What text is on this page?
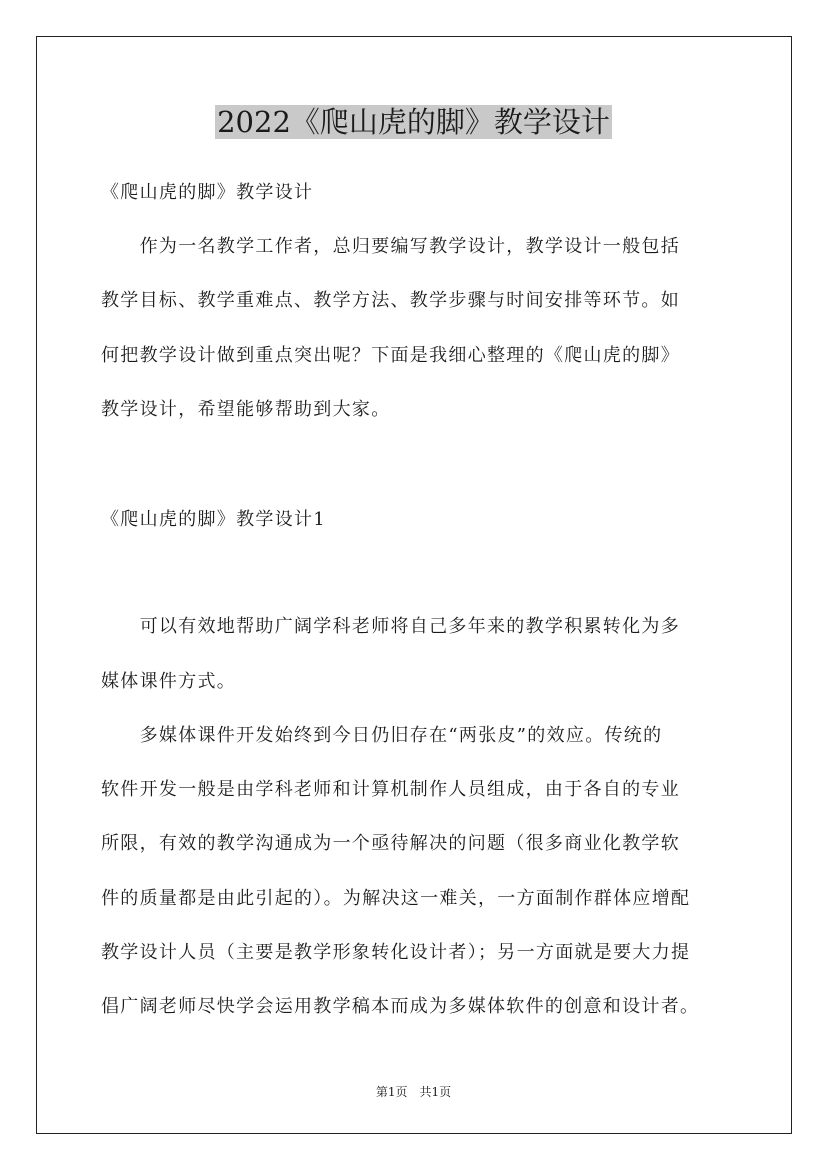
2022《爬山虎的脚》教学设计
《爬山虎的脚》教学设计
　　作为一名教学工作者，总归要编写教学设计，教学设计一般包括
教学目标、教学重难点、教学方法、教学步骤与时间安排等环节。如
何把教学设计做到重点突出呢？下面是我细心整理的《爬山虎的脚》
教学设计，希望能够帮助到大家。
《爬山虎的脚》教学设计1
　　可以有效地帮助广阔学科老师将自己多年来的教学积累转化为多
媒体课件方式。
　　多媒体课件开发始终到今日仍旧存在“两张皮”的效应。传统的
软件开发一般是由学科老师和计算机制作人员组成，由于各自的专业
所限，有效的教学沟通成为一个亟待解决的问题（很多商业化教学软
件的质量都是由此引起的）。为解决这一难关，一方面制作群体应增配
教学设计人员（主要是教学形象转化设计者）；另一方面就是要大力提
倡广阔老师尽快学会运用教学稿本而成为多媒体软件的创意和设计者。
第1页　共1页
